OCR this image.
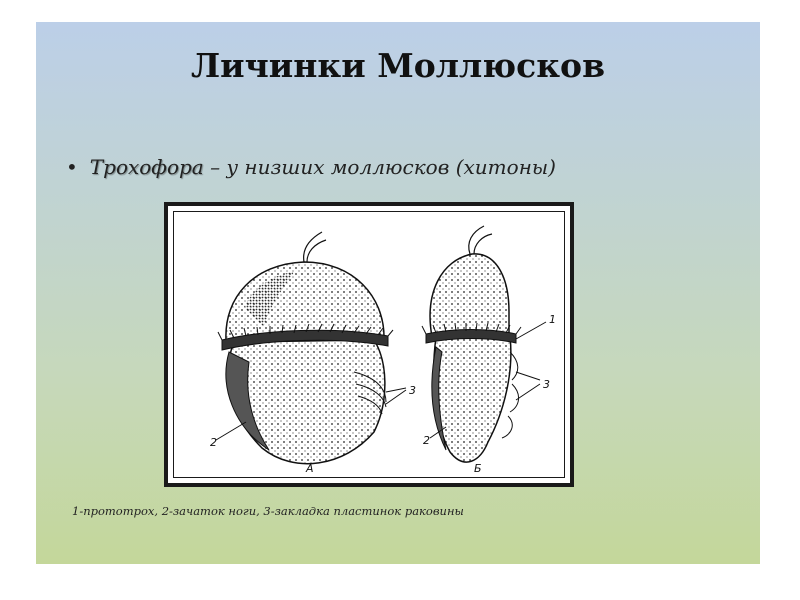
Личинки Моллюсков
• Трохофора – у низших моллюсков (хитоны)
1
2	2
3	3
А	Б
1-прототрох, 2-зачаток ноги, 3-закладка пластинок раковины
